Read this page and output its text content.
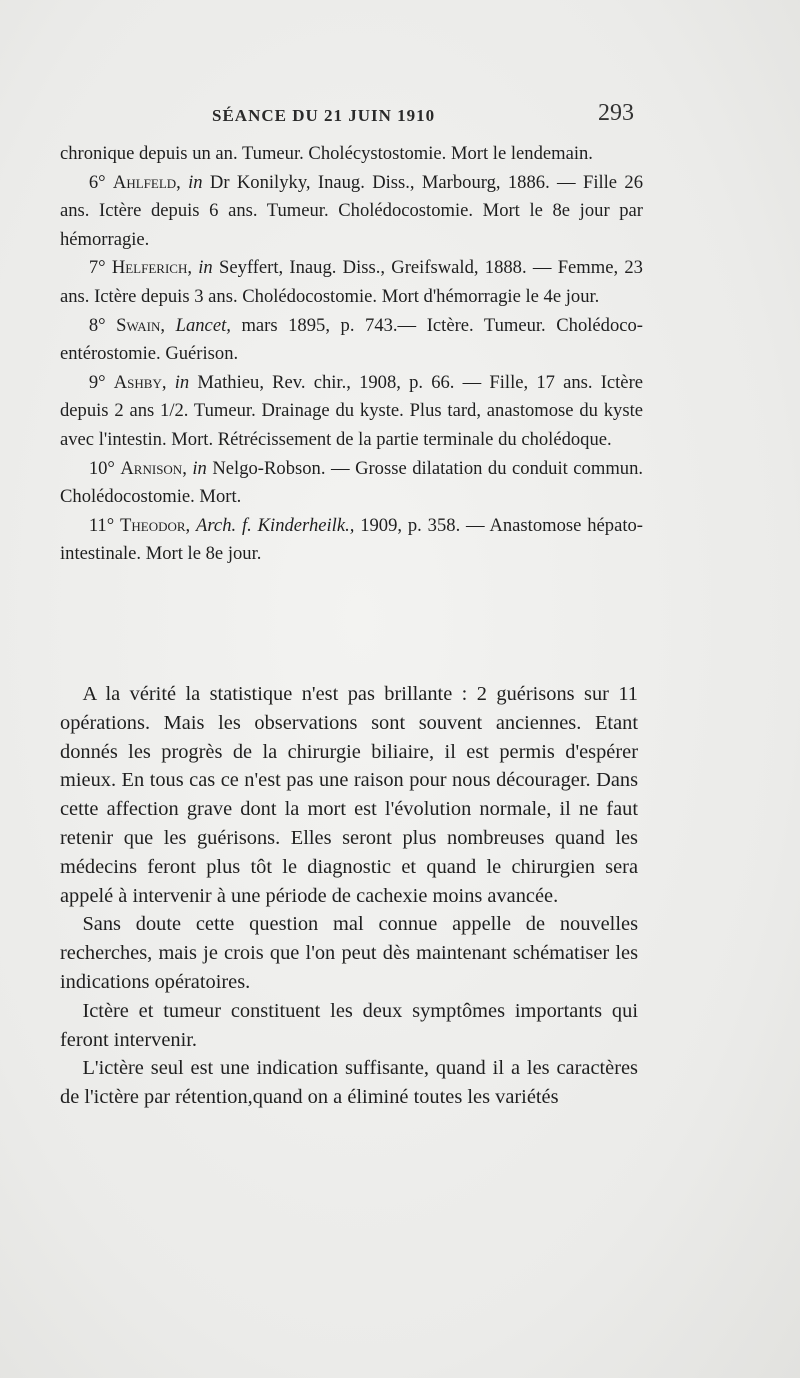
SÉANCE DU 21 JUIN 1910	293

chronique depuis un an. Tumeur. Cholécystostomie. Mort le lendemain.

6° Ahlfeld, in Dr Konilyky, Inaug. Diss., Marbourg, 1886. — Fille 26 ans. Ictère depuis 6 ans. Tumeur. Cholédocostomie. Mort le 8e jour par hémorragie.

7° Helferich, in Seyffert, Inaug. Diss., Greifswald, 1888. — Femme, 23 ans. Ictère depuis 3 ans. Cholédocostomie. Mort d'hémorragie le 4e jour.

8° Swain, Lancet, mars 1895, p. 743.— Ictère. Tumeur. Cholédoco-entérostomie. Guérison.

9° Ashby, in Mathieu, Rev. chir., 1908, p. 66. — Fille, 17 ans. Ictère depuis 2 ans 1/2. Tumeur. Drainage du kyste. Plus tard, anastomose du kyste avec l'intestin. Mort. Rétrécissement de la partie terminale du cholédoque.

10° Arnison, in Nelgo-Robson. — Grosse dilatation du conduit commun. Cholédocostomie. Mort.

11° Theodor, Arch. f. Kinderheilk., 1909, p. 358. — Anastomose hépato-intestinale. Mort le 8e jour.

A la vérité la statistique n'est pas brillante : 2 guérisons sur 11 opérations. Mais les observations sont souvent anciennes. Etant donnés les progrès de la chirurgie biliaire, il est permis d'espérer mieux. En tous cas ce n'est pas une raison pour nous décourager. Dans cette affection grave dont la mort est l'évolution normale, il ne faut retenir que les guérisons. Elles seront plus nombreuses quand les médecins feront plus tôt le diagnostic et quand le chirurgien sera appelé à intervenir à une période de cachexie moins avancée.

Sans doute cette question mal connue appelle de nouvelles recherches, mais je crois que l'on peut dès maintenant schématiser les indications opératoires.

Ictère et tumeur constituent les deux symptômes importants qui feront intervenir.

L'ictère seul est une indication suffisante, quand il a les caractères de l'ictère par rétention,quand on a éliminé toutes les variétés
